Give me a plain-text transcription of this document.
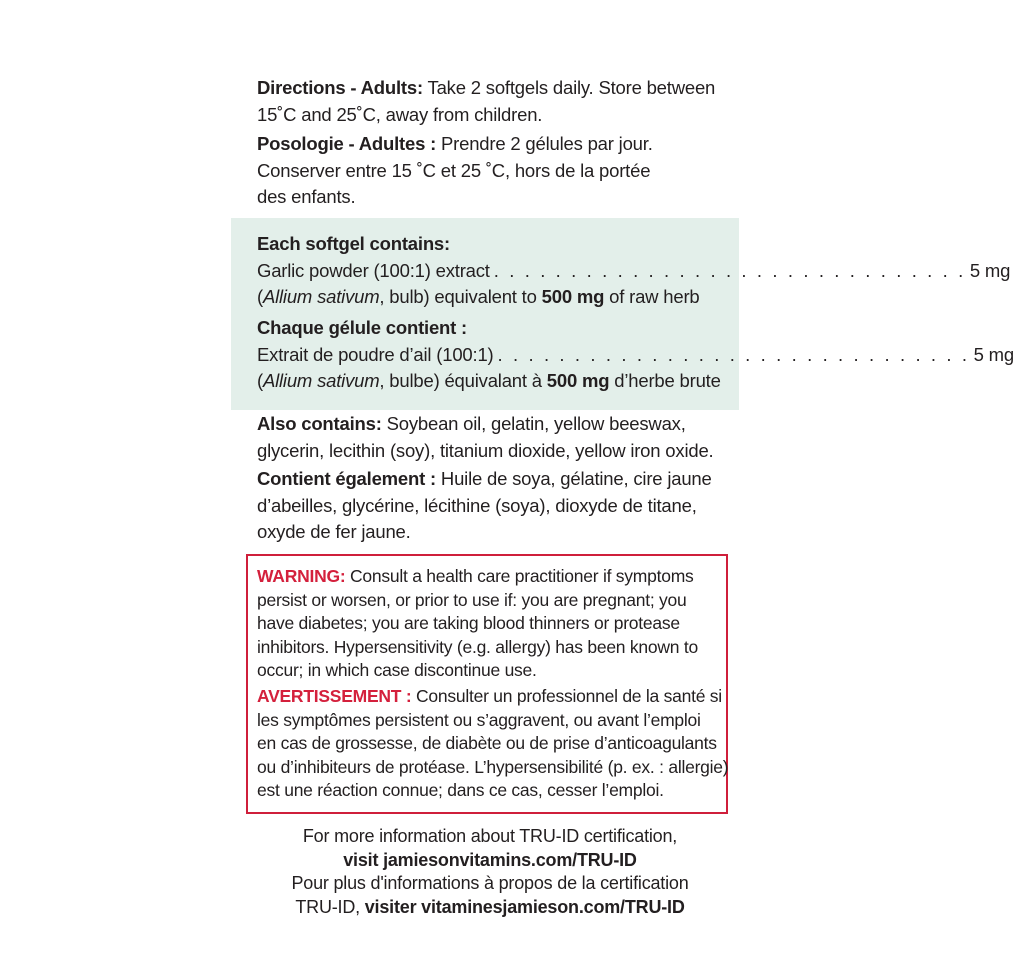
Directions - Adults: Take 2 softgels daily. Store between
15˚C and 25˚C, away from children.
Posologie - Adultes : Prendre 2 gélules par jour.
Conserver entre 15 ˚C et 25 ˚C, hors de la portée
des enfants.
Each softgel contains:
Garlic powder (100:1) extract . . . . . . . . . . . . . . . . . . . . . . . . . . . . . . . 5 mg
(Allium sativum, bulb) equivalent to 500 mg of raw herb
Chaque gélule contient :
Extrait de poudre d’ail (100:1) . . . . . . . . . . . . . . . . . . . . . . . . . . . . . . . 5 mg
(Allium sativum, bulbe) équivalant à 500 mg d’herbe brute
Also contains: Soybean oil, gelatin, yellow beeswax,
glycerin, lecithin (soy), titanium dioxide, yellow iron oxide.
Contient également : Huile de soya, gélatine, cire jaune
d’abeilles, glycérine, lécithine (soya), dioxyde de titane,
oxyde de fer jaune.
WARNING: Consult a health care practitioner if symptoms
persist or worsen, or prior to use if: you are pregnant; you
have diabetes; you are taking blood thinners or protease
inhibitors. Hypersensitivity (e.g. allergy) has been known to
occur; in which case discontinue use.
AVERTISSEMENT : Consulter un professionnel de la santé si
les symptômes persistent ou s’aggravent, ou avant l’emploi
en cas de grossesse, de diabète ou de prise d’anticoagulants
ou d’inhibiteurs de protéase. L’hypersensibilité (p. ex. : allergie)
est une réaction connue; dans ce cas, cesser l’emploi.
For more information about TRU-ID certification,
visit jamiesonvitamins.com/TRU-ID
Pour plus d'informations à propos de la certification
TRU-ID, visiter vitaminesjamieson.com/TRU-ID
